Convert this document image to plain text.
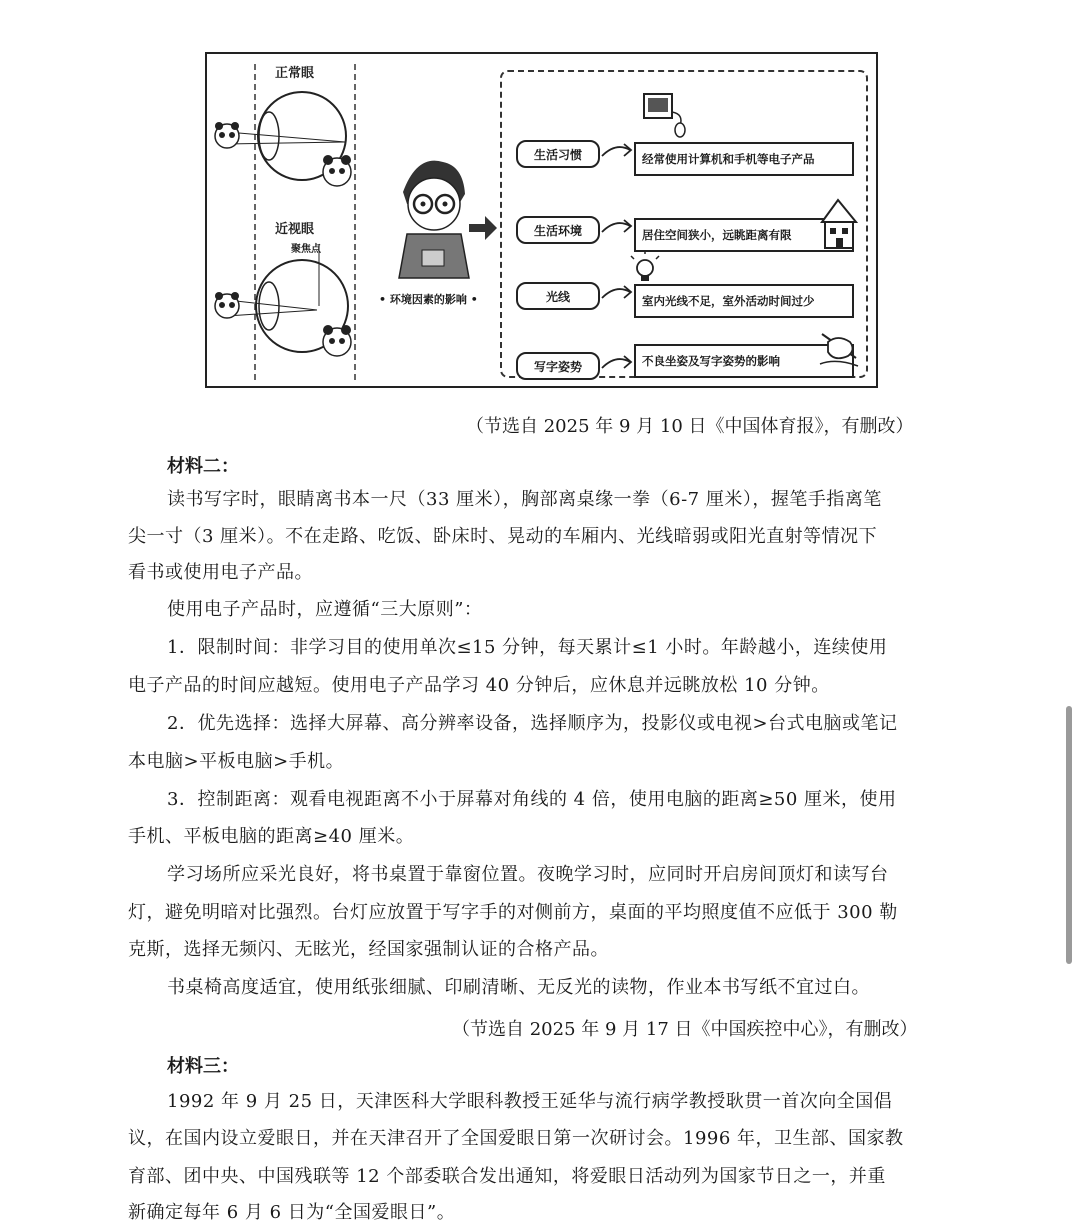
正常眼
近视眼
聚焦点
• 环境因素的影响 •
生活习惯
生活环境
光线
写字姿势
经常使用计算机和手机等电子产品
居住空间狭小，远眺距离有限
室内光线不足，室外活动时间过少
不良坐姿及写字姿势的影响
（节选自 2025 年 9 月 10 日《中国体育报》，有删改）
材料二：
读书写字时，眼睛离书本一尺（33 厘米），胸部离桌缘一拳（6-7 厘米），握笔手指离笔
尖一寸（3 厘米）。不在走路、吃饭、卧床时、晃动的车厢内、光线暗弱或阳光直射等情况下
看书或使用电子产品。
使用电子产品时，应遵循“三大原则”：
1．限制时间：非学习目的使用单次≤15 分钟，每天累计≤1 小时。年龄越小，连续使用
电子产品的时间应越短。使用电子产品学习 40 分钟后，应休息并远眺放松 10 分钟。
2．优先选择：选择大屏幕、高分辨率设备，选择顺序为，投影仪或电视>台式电脑或笔记
本电脑>平板电脑>手机。
3．控制距离：观看电视距离不小于屏幕对角线的 4 倍，使用电脑的距离≥50 厘米，使用
手机、平板电脑的距离≥40 厘米。
学习场所应采光良好，将书桌置于靠窗位置。夜晚学习时，应同时开启房间顶灯和读写台
灯，避免明暗对比强烈。台灯应放置于写字手的对侧前方，桌面的平均照度值不应低于 300 勒
克斯，选择无频闪、无眩光，经国家强制认证的合格产品。
书桌椅高度适宜，使用纸张细腻、印刷清晰、无反光的读物，作业本书写纸不宜过白。
（节选自 2025 年 9 月 17 日《中国疾控中心》，有删改）
材料三：
1992 年 9 月 25 日，天津医科大学眼科教授王延华与流行病学教授耿贯一首次向全国倡
议，在国内设立爱眼日，并在天津召开了全国爱眼日第一次研讨会。1996 年，卫生部、国家教
育部、团中央、中国残联等 12 个部委联合发出通知，将爱眼日活动列为国家节日之一，并重
新确定每年 6 月 6 日为“全国爱眼日”。
